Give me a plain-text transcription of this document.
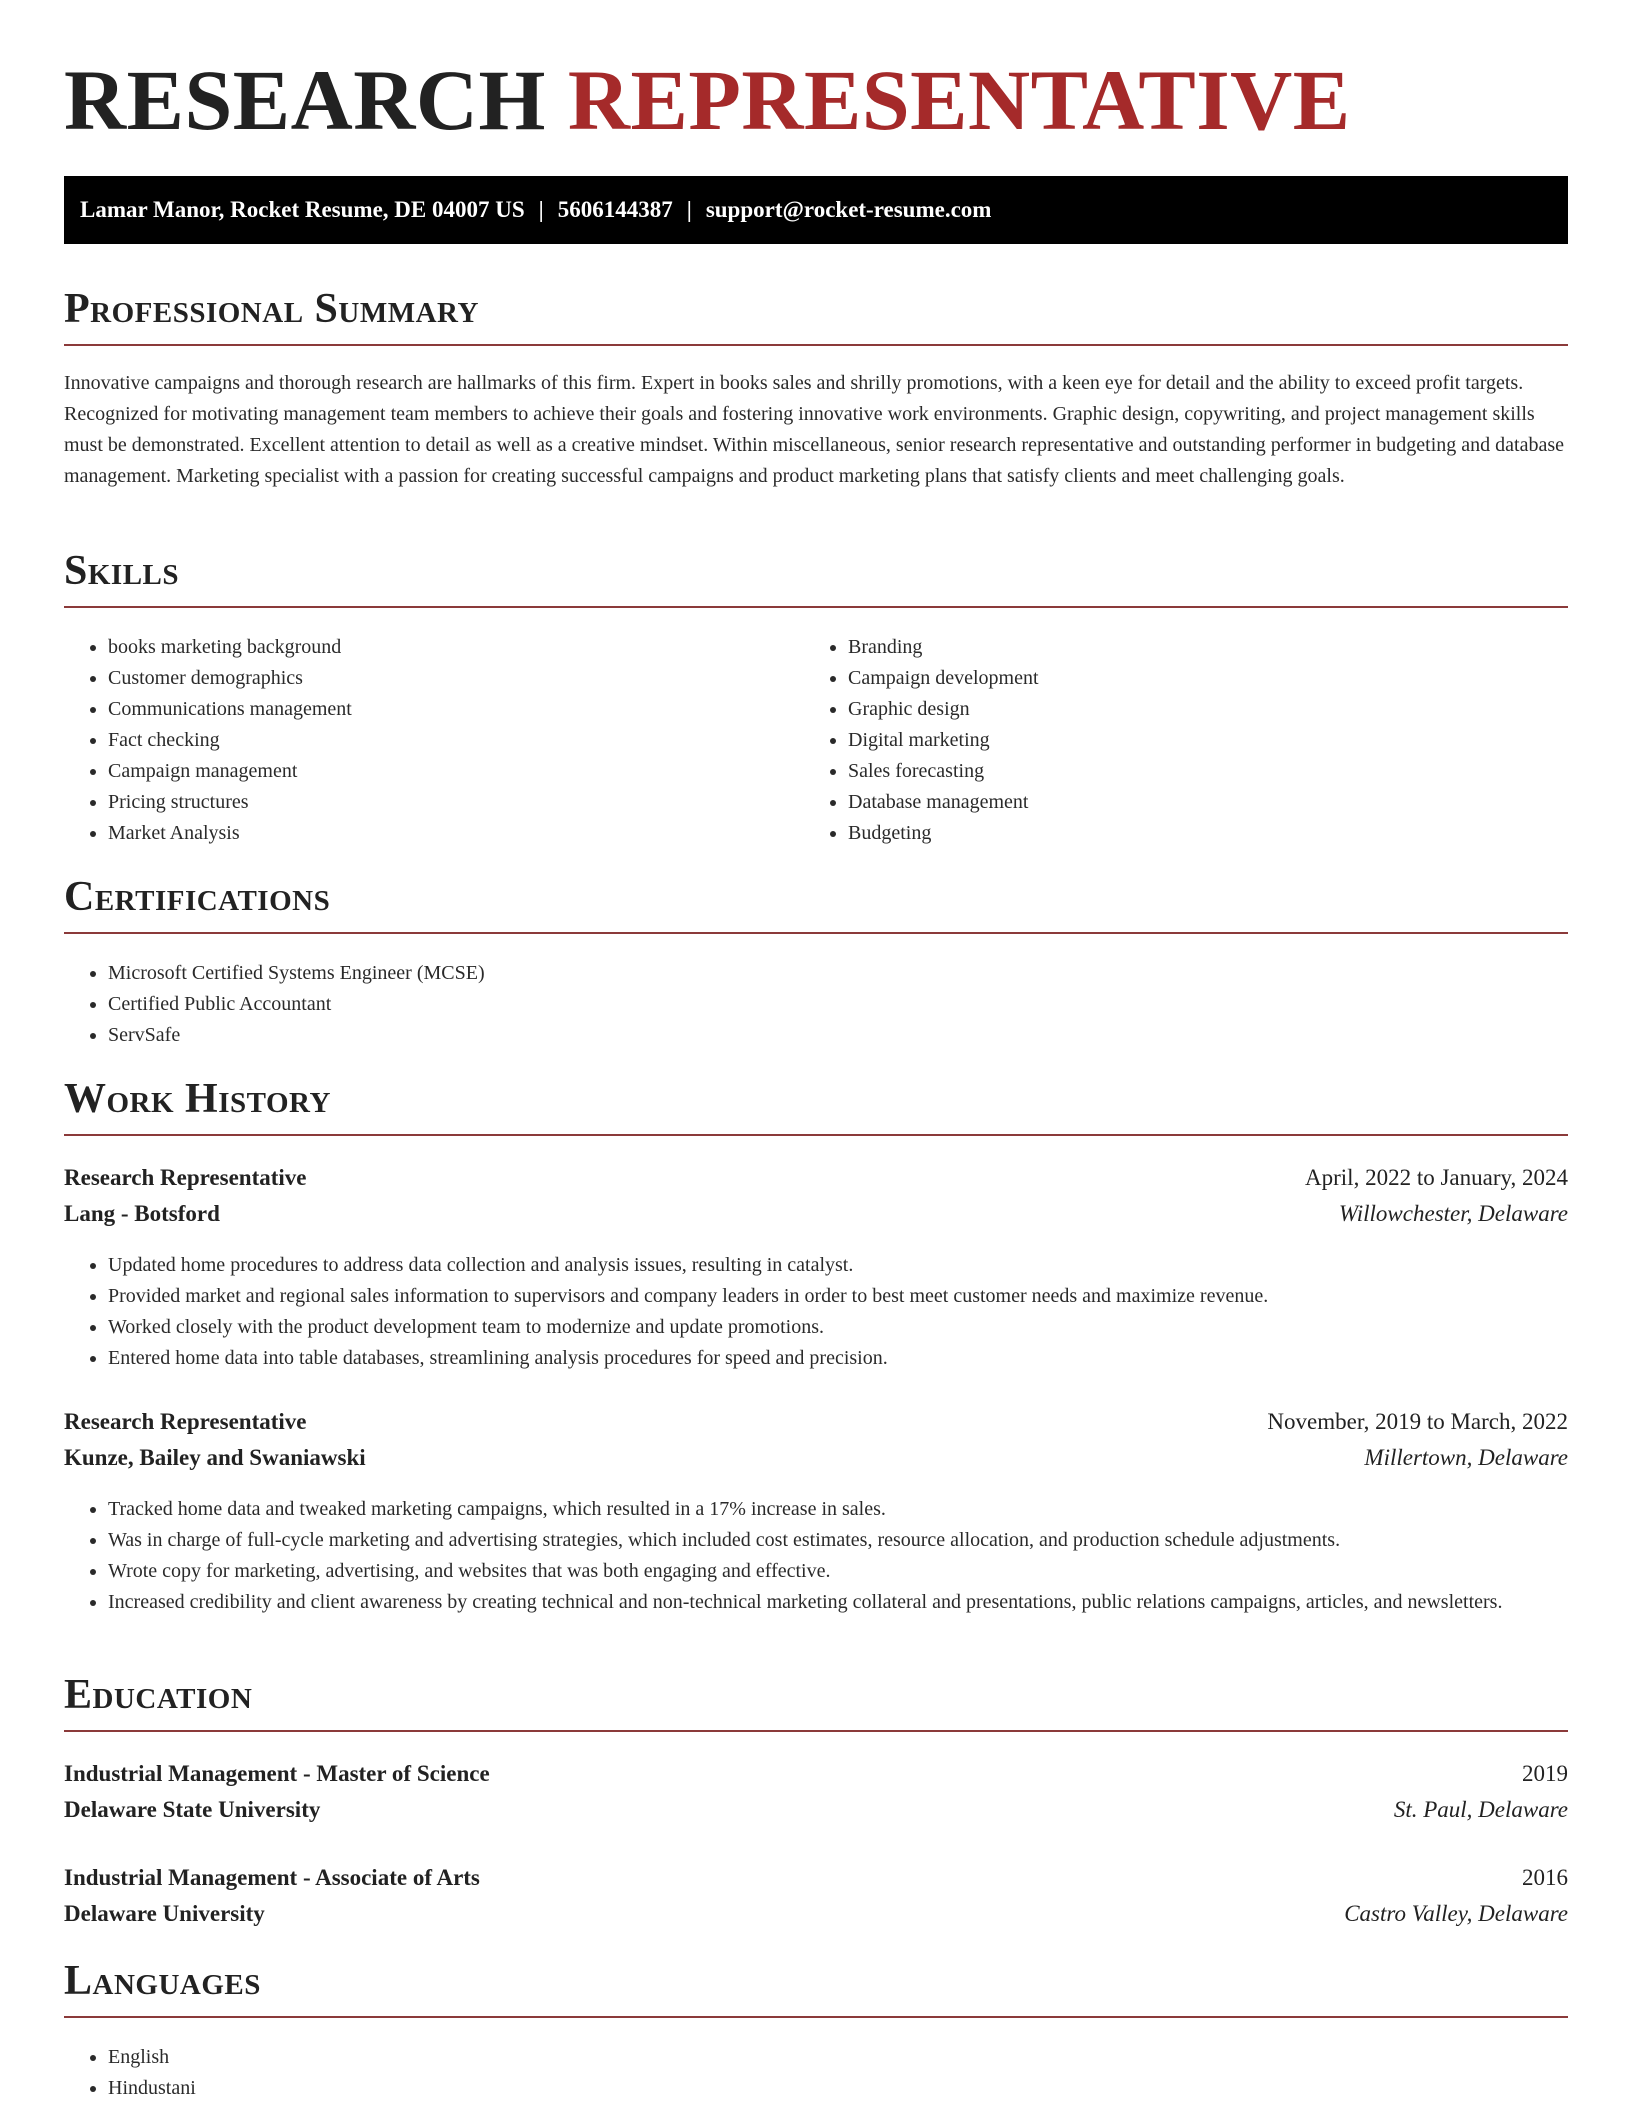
RESEARCH REPRESENTATIVE
Lamar Manor, Rocket Resume, DE 04007 US | 5606144387 | support@rocket-resume.com
Professional Summary

Innovative campaigns and thorough research are hallmarks of this firm. Expert in books sales and shrilly promotions, with a keen eye for detail and the ability to exceed profit targets. Recognized for motivating management team members to achieve their goals and fostering innovative work environments. Graphic design, copywriting, and project management skills must be demonstrated. Excellent attention to detail as well as a creative mindset. Within miscellaneous, senior research representative and outstanding performer in budgeting and database management. Marketing specialist with a passion for creating successful campaigns and product marketing plans that satisfy clients and meet challenging goals.

Skills
• books marketing background
• Customer demographics
• Communications management
• Fact checking
• Campaign management
• Pricing structures
• Market Analysis
• Branding
• Campaign development
• Graphic design
• Digital marketing
• Sales forecasting
• Database management
• Budgeting
Certifications
• Microsoft Certified Systems Engineer (MCSE)
• Certified Public Accountant
• ServSafe
Work History
Research Representative	April, 2022 to January, 2024
Lang - Botsford	Willowchester, Delaware
• Updated home procedures to address data collection and analysis issues, resulting in catalyst.
• Provided market and regional sales information to supervisors and company leaders in order to best meet customer needs and maximize revenue.
• Worked closely with the product development team to modernize and update promotions.
• Entered home data into table databases, streamlining analysis procedures for speed and precision.
Research Representative	November, 2019 to March, 2022
Kunze, Bailey and Swaniawski	Millertown, Delaware
• Tracked home data and tweaked marketing campaigns, which resulted in a 17% increase in sales.
• Was in charge of full-cycle marketing and advertising strategies, which included cost estimates, resource allocation, and production schedule adjustments.
• Wrote copy for marketing, advertising, and websites that was both engaging and effective.
• Increased credibility and client awareness by creating technical and non-technical marketing collateral and presentations, public relations campaigns, articles, and newsletters.
Education
Industrial Management - Master of Science	2019
Delaware State University	St. Paul, Delaware
Industrial Management - Associate of Arts	2016
Delaware University	Castro Valley, Delaware
Languages
• English
• Hindustani
